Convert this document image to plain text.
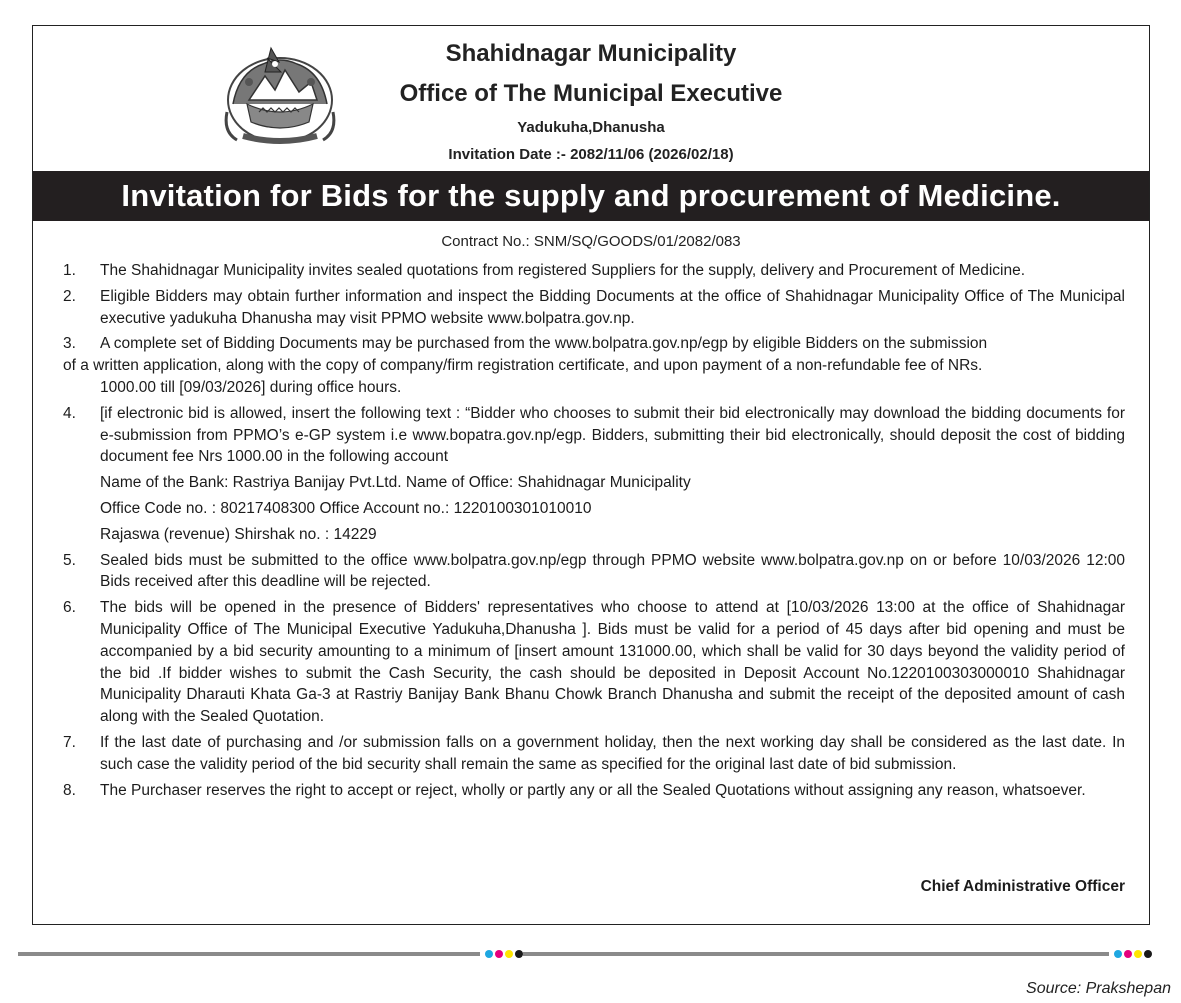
Shahidnagar Municipality
Office of The Municipal Executive
Yadukuha,Dhanusha
Invitation Date :- 2082/11/06 (2026/02/18)
Invitation for Bids for the supply and procurement of Medicine.
Contract No.: SNM/SQ/GOODS/01/2082/083
1. The Shahidnagar Municipality invites sealed quotations from registered Suppliers for the supply, delivery and Procurement of Medicine.
2. Eligible Bidders may obtain further information and inspect the Bidding Documents at the office of Shahidnagar Municipality Office of The Municipal executive yadukuha Dhanusha may visit PPMO website www.bolpatra.gov.np.
3.	A complete set of Bidding Documents may be purchased from the www.bolpatra.gov.np/egp by eligible Bidders on the submission
of a written application, along with the copy of company/firm registration certificate, and upon payment of a non-refundable fee of NRs.
1000.00 till [09/03/2026] during office hours.
4. [if electronic bid is allowed, insert the following text : “Bidder who chooses to submit their bid electronically may download the bidding documents for e-submission from PPMO’s e-GP system i.e www.bopatra.gov.np/egp. Bidders, submitting their bid electronically, should deposit the cost of bidding document fee Nrs 1000.00 in the following account
Name of the Bank: Rastriya Banijay Pvt.Ltd. Name of Office: Shahidnagar Municipality
Office Code no. : 80217408300 Office Account no.: 1220100301010010
Rajaswa (revenue) Shirshak no. : 14229
5. Sealed bids must be submitted to the office www.bolpatra.gov.np/egp through PPMO website www.bolpatra.gov.np on or before 10/03/2026 12:00 Bids received after this deadline will be rejected.
6. The bids will be opened in the presence of Bidders' representatives who choose to attend at [10/03/2026 13:00 at the office of Shahidnagar Municipality Office of The Municipal Executive Yadukuha,Dhanusha ]. Bids must be valid for a period of 45 days after bid opening and must be accompanied by a bid security amounting to a minimum of [insert amount 131000.00, which shall be valid for 30 days beyond the validity period of the bid .If bidder wishes to submit the Cash Security, the cash should be deposited in Deposit Account No.1220100303000010 Shahidnagar Municipality Dharauti Khata Ga-3 at Rastriy Banijay Bank Bhanu Chowk Branch Dhanusha and submit the receipt of the deposited amount of cash along with the Sealed Quotation.
7. If the last date of purchasing and /or submission falls on a government holiday, then the next working day shall be considered as the last date. In such case the validity period of the bid security shall remain the same as specified for the original last date of bid submission.
8. The Purchaser reserves the right to accept or reject, wholly or partly any or all the Sealed Quotations without assigning any reason, whatsoever.
Chief Administrative Officer
Source: Prakshepan
